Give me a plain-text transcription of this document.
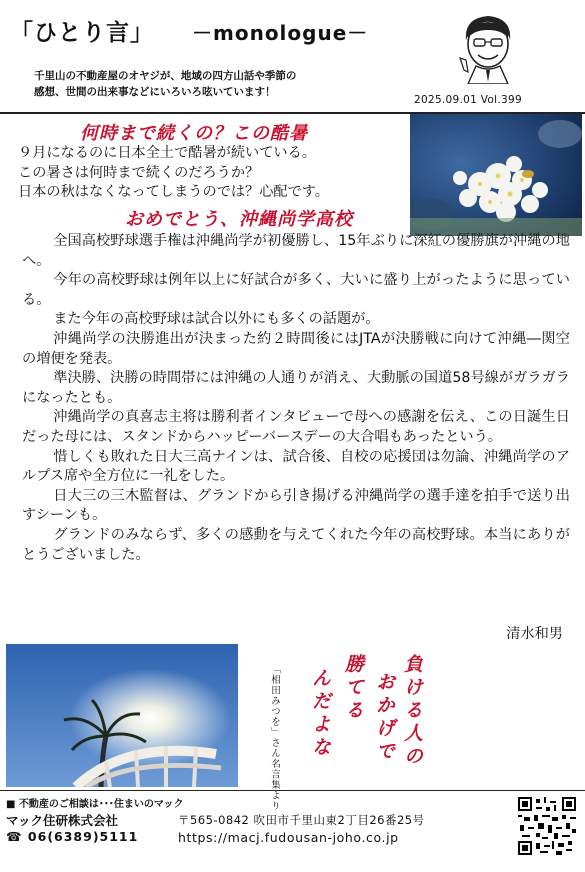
「ひとり言」 －monologue－
千里山の不動産屋のオヤジが、地域の四方山話や季節の
感想、世間の出来事などにいろいろ呟いています！
2025.09.01 Vol.399
何時まで続くの？この酷暑
９月になるのに日本全土で酷暑が続いている。
この暑さは何時まで続くのだろうか？
日本の秋はなくなってしまうのでは？心配です。
おめでとう、沖縄尚学高校

全国高校野球選手権は沖縄尚学が初優勝し、15年ぶりに深紅の優勝旗が沖縄の地へ。

今年の高校野球は例年以上に好試合が多く、大いに盛り上がったように思っている。

また今年の高校野球は試合以外にも多くの話題が。

沖縄尚学の決勝進出が決まった約２時間後にはJTAが決勝戦に向けて沖縄―関空の増便を発表。

準決勝、決勝の時間帯には沖縄の人通りが消え、大動脈の国道58号線がガラガラになったとも。

沖縄尚学の真喜志主将は勝利者インタビューで母への感謝を伝え、この日誕生日だった母には、スタンドからハッピーバースデーの大合唱もあったという。

惜しくも敗れた日大三高ナインは、試合後、自校の応援団は勿論、沖縄尚学のアルプス席や全方位に一礼をした。

日大三の三木監督は、グランドから引き揚げる沖縄尚学の選手達を拍手で送り出すシーンも。

グランドのみならず、多くの感動を与えてくれた今年の高校野球。本当にありがとうございました。

清水和男
「相田みつを」さん名言集より	負ける人の
おかげで
勝てる
んだよな
■ 不動産のご相談は･･･住まいのマック
マック住研株式会社	〒565-0842 吹田市千里山東2丁目26番25号
☎ 06(6389)5111	https://macj.fudousan-joho.co.jp
